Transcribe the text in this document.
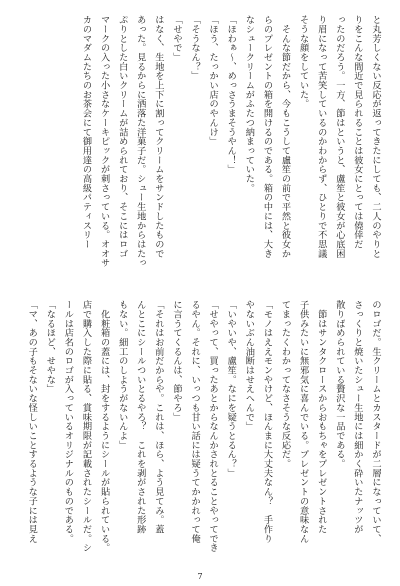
と丸芳しくない反応が返ってきたにしても、二人のやりと
りをこんな間近で見られることは彼女にとっては僥倖だ
ったのだろう。一方、節はというと、盧笙と彼女が心底困
り眉になって苦笑しているのかわからず、ひとりで不思議
そうな顔をしていた。
　そんな節だから、今もこうして盧笙の前で平然と彼女か
らのプレゼントの箱を開けるのである。箱の中には、大き
なシュークリームがふたつ納まっていた。
「ほわぁ〜、めっさうまそうやん！」
「ほう、たっかい店のやんけ」
「そうなん？」
「せやで」
はなく、生地を上下に割ってクリームをサンドしたもので
あった。見るからに洒落た洋菓子だ。シュー生地からはたっ
ぷりとした白いクリームが詰められており、そこにはロゴ
マークの入った小さなケーキピックが刺さっている。オオサ
カのマダムたちのお茶会にて御用達の高級パティスリー
のロゴだ。生クリームとカスタードが二層になっていて、
さっくりと焼いたシュー生地には細かく砕いたナッツが
散りばめられている贅沢な一品である。
　節はサンタクロースからおもちゃをプレゼントされた
子供みたいに無邪気に喜んでいる。プレゼントの意味なん
てまったくわかってなさそうな反応だ。
「モノはええモンやけど、ほんまに大丈夫なん？　手作り
やないぶん油断はせえへんで」
「いやいや、盧笙。なにを疑うとるん？」
「せやって、買ったあとからなんかされとることやってでき
るやん。それに、いっつも甘い話には疑うてかかれって俺
に言うてくるんは、節やろ」
「それはお前だからや。これは、ほら、よう見てみ。蓋
んとこにシールついとるやろ？　これを剥がされた形跡
もない。細工のしようがないんよ」
　化粧箱の蓋には、封をするようにシールが貼られている。
店で購入した際に貼る、賞味期限が記載されたシールだ。シ
ールは店名のロゴが入っているオリジナルのものである。
「なるほど、せやな」
「マ、あの子もそないな怪しいことするような子には見え
7
